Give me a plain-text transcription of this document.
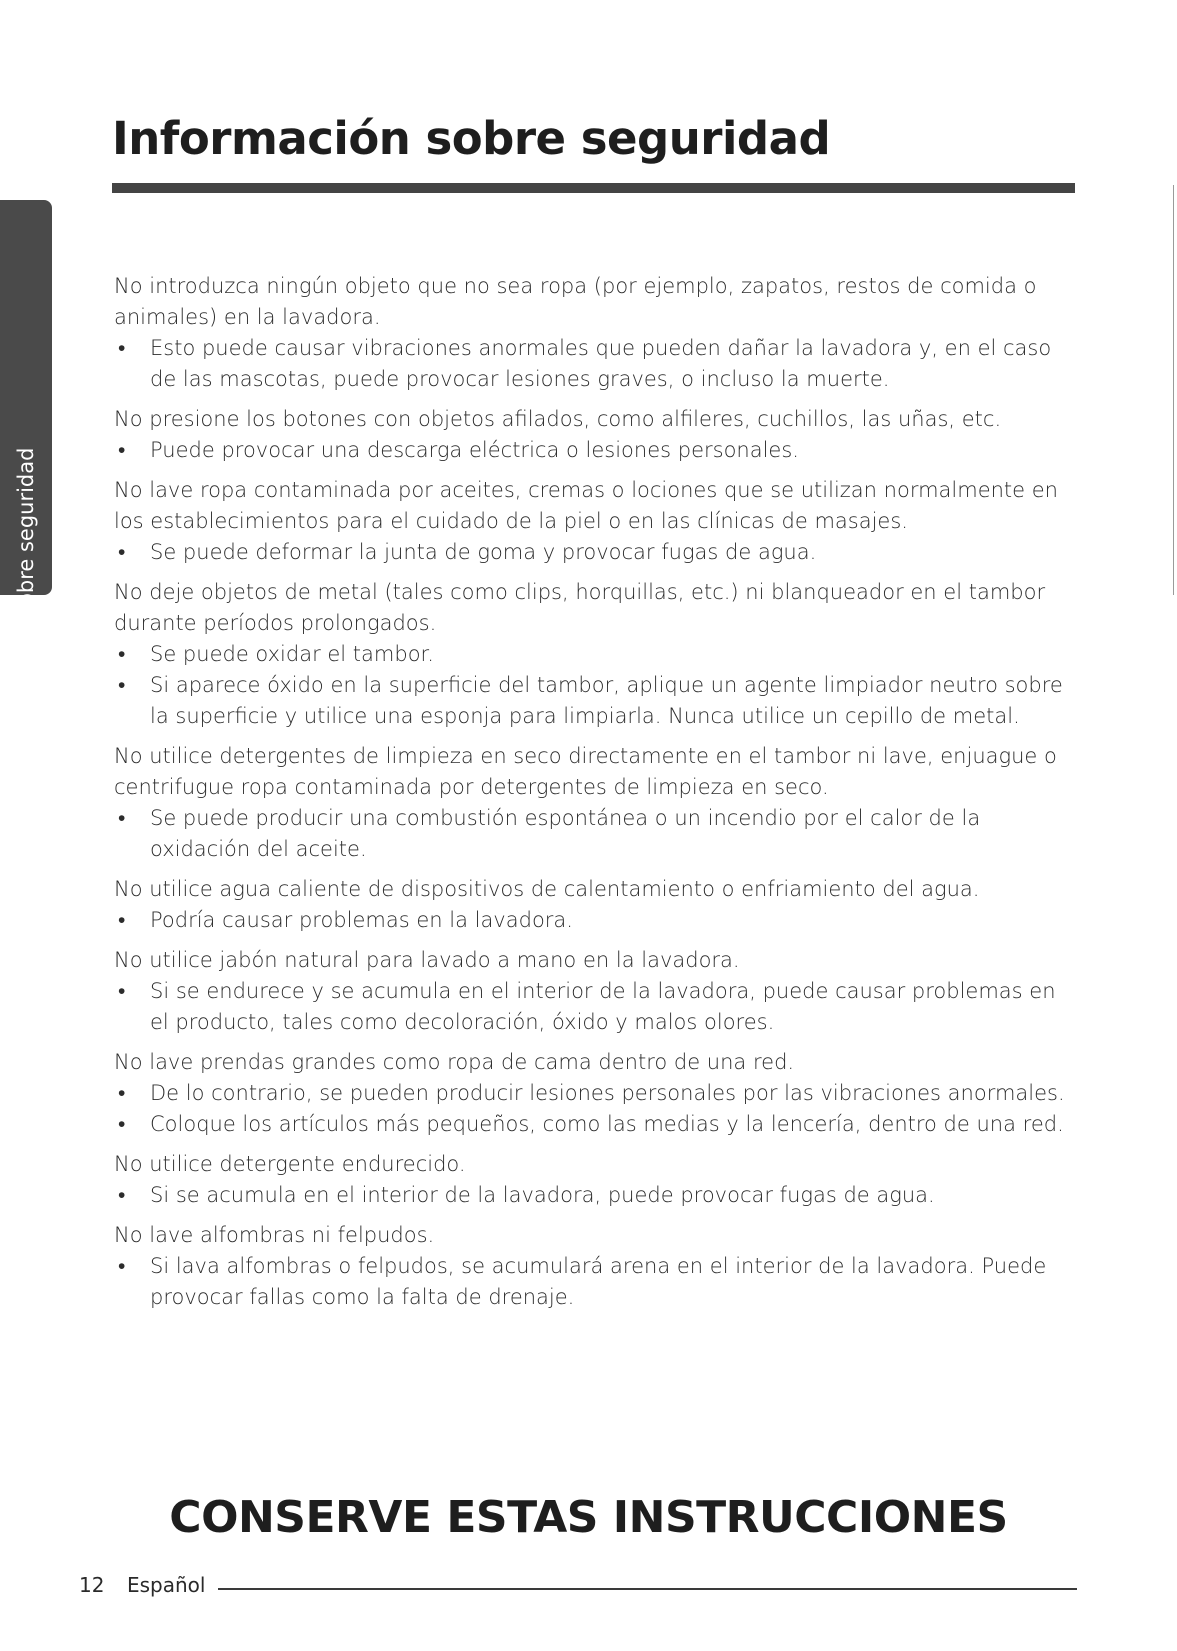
Información sobre seguridad
Información sobre seguridad

No introduzca ningún objeto que no sea ropa (por ejemplo, zapatos, restos de comida o animales) en la lavadora.

• Esto puede causar vibraciones anormales que pueden dañar la lavadora y, en el caso de las mascotas, puede provocar lesiones graves, o incluso la muerte.

No presione los botones con objetos afilados, como alfileres, cuchillos, las uñas, etc.

• Puede provocar una descarga eléctrica o lesiones personales.

No lave ropa contaminada por aceites, cremas o lociones que se utilizan normalmente en los establecimientos para el cuidado de la piel o en las clínicas de masajes.

• Se puede deformar la junta de goma y provocar fugas de agua.

No deje objetos de metal (tales como clips, horquillas, etc.) ni blanqueador en el tambor durante períodos prolongados.

• Se puede oxidar el tambor.
• Si aparece óxido en la superficie del tambor, aplique un agente limpiador neutro sobre la superficie y utilice una esponja para limpiarla. Nunca utilice un cepillo de metal.

No utilice detergentes de limpieza en seco directamente en el tambor ni lave, enjuague o centrifugue ropa contaminada por detergentes de limpieza en seco.

• Se puede producir una combustión espontánea o un incendio por el calor de la oxidación del aceite.

No utilice agua caliente de dispositivos de calentamiento o enfriamiento del agua.

• Podría causar problemas en la lavadora.

No utilice jabón natural para lavado a mano en la lavadora.

• Si se endurece y se acumula en el interior de la lavadora, puede causar problemas en el producto, tales como decoloración, óxido y malos olores.

No lave prendas grandes como ropa de cama dentro de una red.

• De lo contrario, se pueden producir lesiones personales por las vibraciones anormales.
• Coloque los artículos más pequeños, como las medias y la lencería, dentro de una red.

No utilice detergente endurecido.

• Si se acumula en el interior de la lavadora, puede provocar fugas de agua.

No lave alfombras ni felpudos.

• Si lava alfombras o felpudos, se acumulará arena en el interior de la lavadora. Puede provocar fallas como la falta de drenaje.
CONSERVE ESTAS INSTRUCCIONES
12 Español
